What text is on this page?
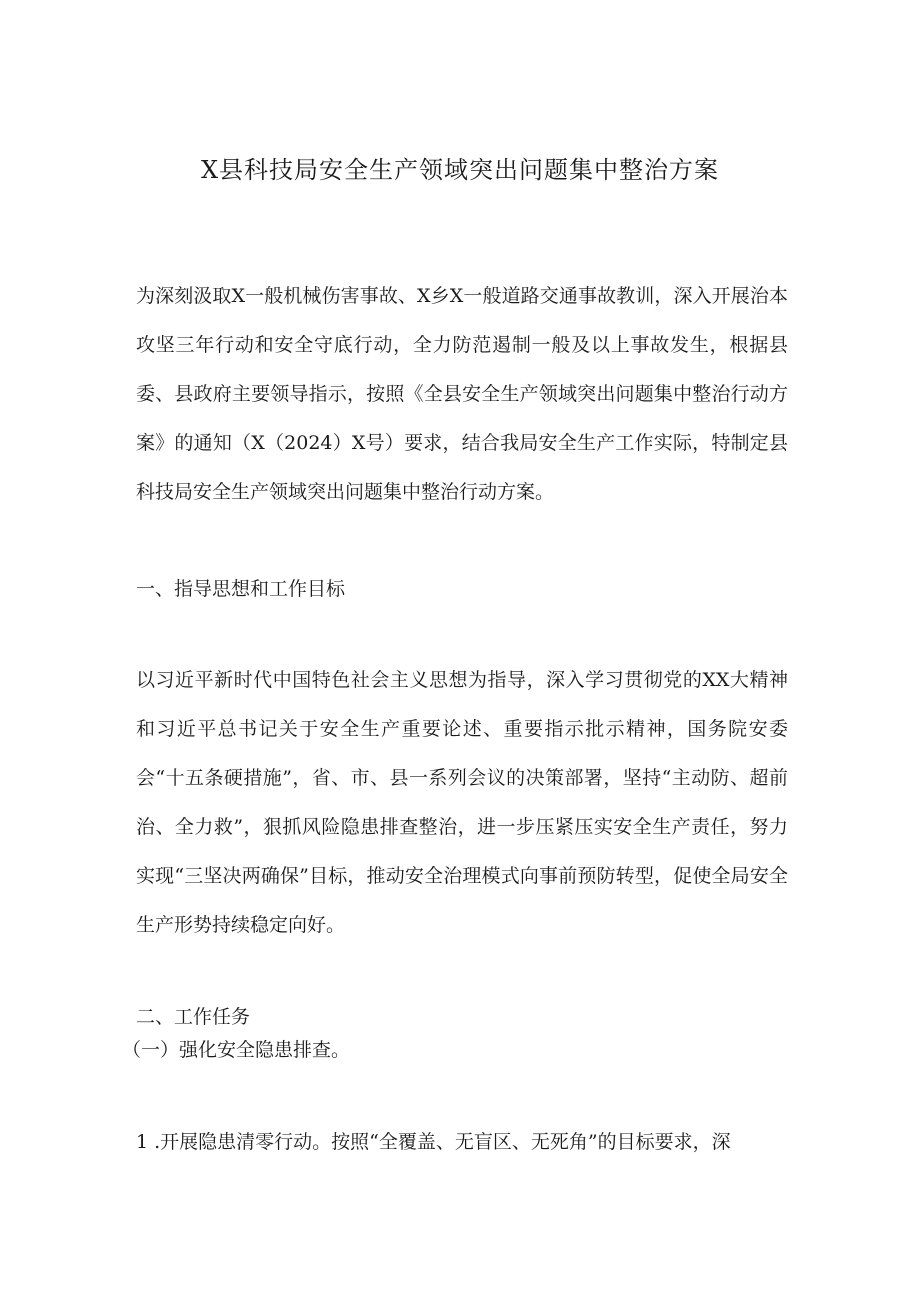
X县科技局安全生产领域突出问题集中整治方案

为深刻汲取X一般机械伤害事故、X乡X一般道路交通事故教训，深入开展治本攻坚三年行动和安全守底行动，全力防范遏制一般及以上事故发生，根据县委、县政府主要领导指示，按照《全县安全生产领域突出问题集中整治行动方案》的通知（X（2024）X号）要求，结合我局安全生产工作实际，特制定县科技局安全生产领域突出问题集中整治行动方案。

一、指导思想和工作目标

以习近平新时代中国特色社会主义思想为指导，深入学习贯彻党的XX大精神和习近平总书记关于安全生产重要论述、重要指示批示精神，国务院安委会“十五条硬措施”，省、市、县一系列会议的决策部署，坚持“主动防、超前治、全力救”，狠抓风险隐患排查整治，进一步压紧压实安全生产责任，努力实现“三坚决两确保”目标，推动安全治理模式向事前预防转型，促使全局安全生产形势持续稳定向好。

二、工作任务

（一）强化安全隐患排查。

1 .开展隐患清零行动。按照“全覆盖、无盲区、无死角”的目标要求，深
